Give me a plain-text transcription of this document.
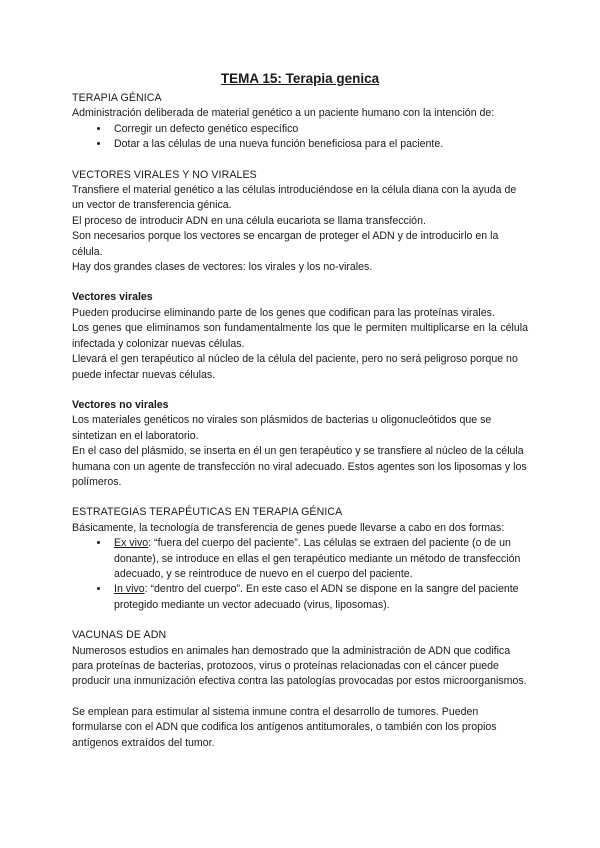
TEMA 15: Terapia genica

TERAPIA GÉNICA

Administración deliberada de material genético a un paciente humano con la intención de:

• Corregir un defecto genético específico
• Dotar a las células de una nueva función beneficiosa para el paciente.

VECTORES VIRALES Y NO VIRALES

Transfiere el material genético a las células introduciéndose en la célula diana con la ayuda de un vector de transferencia génica.

El proceso de introducir ADN en una célula eucariota se llama transfección.

Son necesarios porque los vectores se encargan de proteger el ADN y de introducirlo en la célula.

Hay dos grandes clases de vectores: los virales y los no-virales.

Vectores virales

Pueden producirse eliminando parte de los genes que codifican para las proteínas virales.

Los genes que eliminamos son fundamentalmente los que le permiten multiplicarse en la célula infectada y colonizar nuevas células.

Llevará el gen terapéutico al núcleo de la célula del paciente, pero no será peligroso porque no puede infectar nuevas células.

Vectores no virales

Los materiales genéticos no virales son plásmidos de bacterias u oligonucleótidos que se sintetizan en el laboratorio.

En el caso del plásmido, se inserta en él un gen terapéutico y se transfiere al núcleo de la célula humana con un agente de transfección no viral adecuado. Estos agentes son los liposomas y los polímeros.

ESTRATEGIAS TERAPÉUTICAS EN TERAPIA GÉNICA

Básicamente, la tecnología de transferencia de genes puede llevarse a cabo en dos formas:

• Ex vivo: “fuera del cuerpo del paciente”. Las células se extraen del paciente (o de un donante), se introduce en ellas el gen terapéutico mediante un método de transfección adecuado, y se reintroduce de nuevo en el cuerpo del paciente.
• In vivo: “dentro del cuerpo”. En este caso el ADN se dispone en la sangre del paciente protegido mediante un vector adecuado (virus, liposomas).

VACUNAS DE ADN

Numerosos estudios en animales han demostrado que la administración de ADN que codifica para proteínas de bacterias, protozoos, virus o proteínas relacionadas con el cáncer puede producir una inmunización efectiva contra las patologías provocadas por estos microorganismos.

Se emplean para estimular al sistema inmune contra el desarrollo de tumores. Pueden formularse con el ADN que codifica los antígenos antitumorales, o también con los propios antígenos extraídos del tumor.
